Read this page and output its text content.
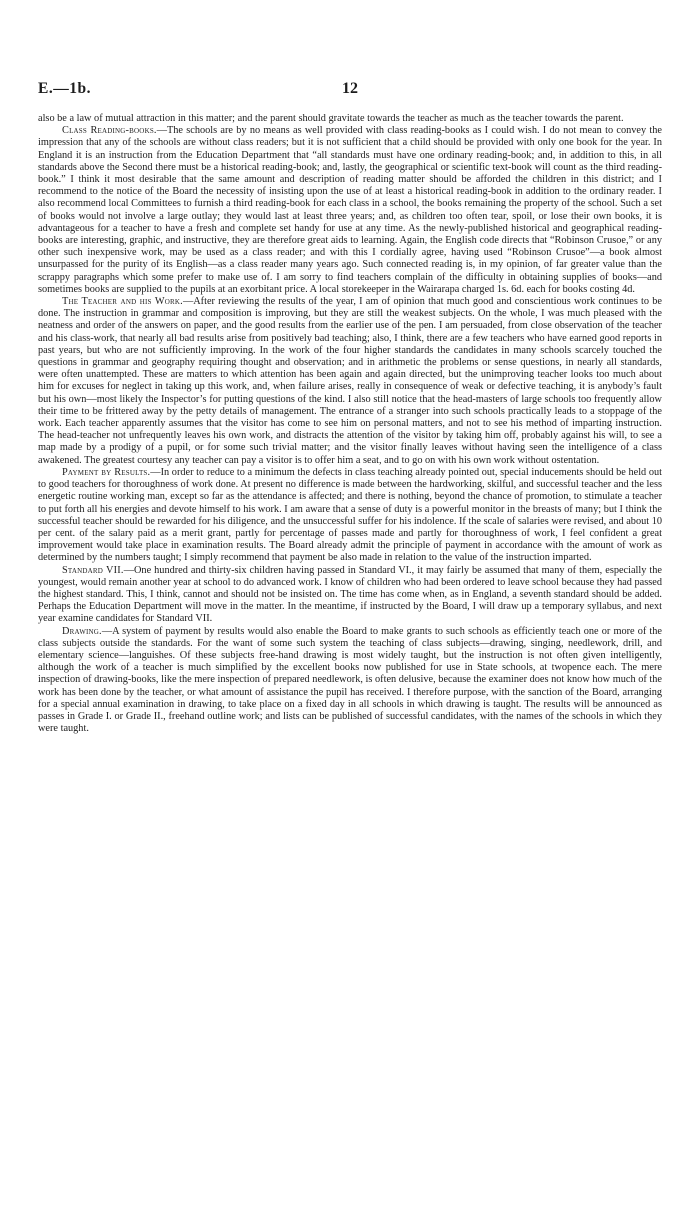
E.—1b.	12

also be a law of mutual attraction in this matter; and the parent should gravitate towards the teacher as much as the teacher towards the parent.

Class Reading-books.—The schools are by no means as well provided with class reading-books as I could wish. I do not mean to convey the impression that any of the schools are without class readers; but it is not sufficient that a child should be provided with only one book for the year. In England it is an instruction from the Education Department that “all standards must have one ordinary reading-book; and, in addition to this, in all standards above the Second there must be a historical reading-book; and, lastly, the geographical or scientific text-book will count as the third reading-book.” I think it most desirable that the same amount and description of reading matter should be afforded the children in this district; and I recommend to the notice of the Board the necessity of insisting upon the use of at least a historical reading-book in addition to the ordinary reader. I also recommend local Committees to furnish a third reading-book for each class in a school, the books remaining the property of the school. Such a set of books would not involve a large outlay; they would last at least three years; and, as children too often tear, spoil, or lose their own books, it is advantageous for a teacher to have a fresh and complete set handy for use at any time. As the newly-published historical and geographical reading-books are interesting, graphic, and instructive, they are therefore great aids to learning. Again, the English code directs that “Robinson Crusoe,” or any other such inexpensive work, may be used as a class reader; and with this I cordially agree, having used “Robinson Crusoe”—a book almost unsurpassed for the purity of its English—as a class reader many years ago. Such connected reading is, in my opinion, of far greater value than the scrappy paragraphs which some prefer to make use of. I am sorry to find teachers complain of the difficulty in obtaining supplies of books—and sometimes books are supplied to the pupils at an exorbitant price. A local storekeeper in the Wairarapa charged 1s. 6d. each for books costing 4d.

The Teacher and his Work.—After reviewing the results of the year, I am of opinion that much good and conscientious work continues to be done. The instruction in grammar and composition is improving, but they are still the weakest subjects. On the whole, I was much pleased with the neatness and order of the answers on paper, and the good results from the earlier use of the pen. I am persuaded, from close observation of the teacher and his class-work, that nearly all bad results arise from positively bad teaching; also, I think, there are a few teachers who have earned good reports in past years, but who are not sufficiently improving. In the work of the four higher standards the candidates in many schools scarcely touched the questions in grammar and geography requiring thought and observation; and in arithmetic the problems or sense questions, in nearly all standards, were often unattempted. These are matters to which attention has been again and again directed, but the unimproving teacher looks too much about him for excuses for neglect in taking up this work, and, when failure arises, really in consequence of weak or defective teaching, it is anybody’s fault but his own—most likely the Inspector’s for putting questions of the kind. I also still notice that the head-masters of large schools too frequently allow their time to be frittered away by the petty details of management. The entrance of a stranger into such schools practically leads to a stoppage of the work. Each teacher apparently assumes that the visitor has come to see him on personal matters, and not to see his method of imparting instruction. The head-teacher not unfrequently leaves his own work, and distracts the attention of the visitor by taking him off, probably against his will, to see a map made by a prodigy of a pupil, or for some such trivial matter; and the visitor finally leaves without having seen the intelligence of a class awakened. The greatest courtesy any teacher can pay a visitor is to offer him a seat, and to go on with his own work without ostentation.

Payment by Results.—In order to reduce to a minimum the defects in class teaching already pointed out, special inducements should be held out to good teachers for thoroughness of work done. At present no difference is made between the hardworking, skilful, and successful teacher and the less energetic routine working man, except so far as the attendance is affected; and there is nothing, beyond the chance of promotion, to stimulate a teacher to put forth all his energies and devote himself to his work. I am aware that a sense of duty is a powerful monitor in the breasts of many; but I think the successful teacher should be rewarded for his diligence, and the unsuccessful suffer for his indolence. If the scale of salaries were revised, and about 10 per cent. of the salary paid as a merit grant, partly for percentage of passes made and partly for thoroughness of work, I feel confident a great improvement would take place in examination results. The Board already admit the principle of payment in accordance with the amount of work as determined by the numbers taught; I simply recommend that payment be also made in relation to the value of the instruction imparted.

Standard VII.—One hundred and thirty-six children having passed in Standard VI., it may fairly be assumed that many of them, especially the youngest, would remain another year at school to do advanced work. I know of children who had been ordered to leave school because they had passed the highest standard. This, I think, cannot and should not be insisted on. The time has come when, as in England, a seventh standard should be added. Perhaps the Education Department will move in the matter. In the meantime, if instructed by the Board, I will draw up a temporary syllabus, and next year examine candidates for Standard VII.

Drawing.—A system of payment by results would also enable the Board to make grants to such schools as efficiently teach one or more of the class subjects outside the standards. For the want of some such system the teaching of class subjects—drawing, singing, needlework, drill, and elementary science—languishes. Of these subjects free-hand drawing is most widely taught, but the instruction is not often given intelligently, although the work of a teacher is much simplified by the excellent books now published for use in State schools, at twopence each. The mere inspection of drawing-books, like the mere inspection of prepared needlework, is often delusive, because the examiner does not know how much of the work has been done by the teacher, or what amount of assistance the pupil has received. I therefore purpose, with the sanction of the Board, arranging for a special annual examination in drawing, to take place on a fixed day in all schools in which drawing is taught. The results will be announced as passes in Grade I. or Grade II., freehand outline work; and lists can be published of successful candidates, with the names of the schools in which they were taught.
